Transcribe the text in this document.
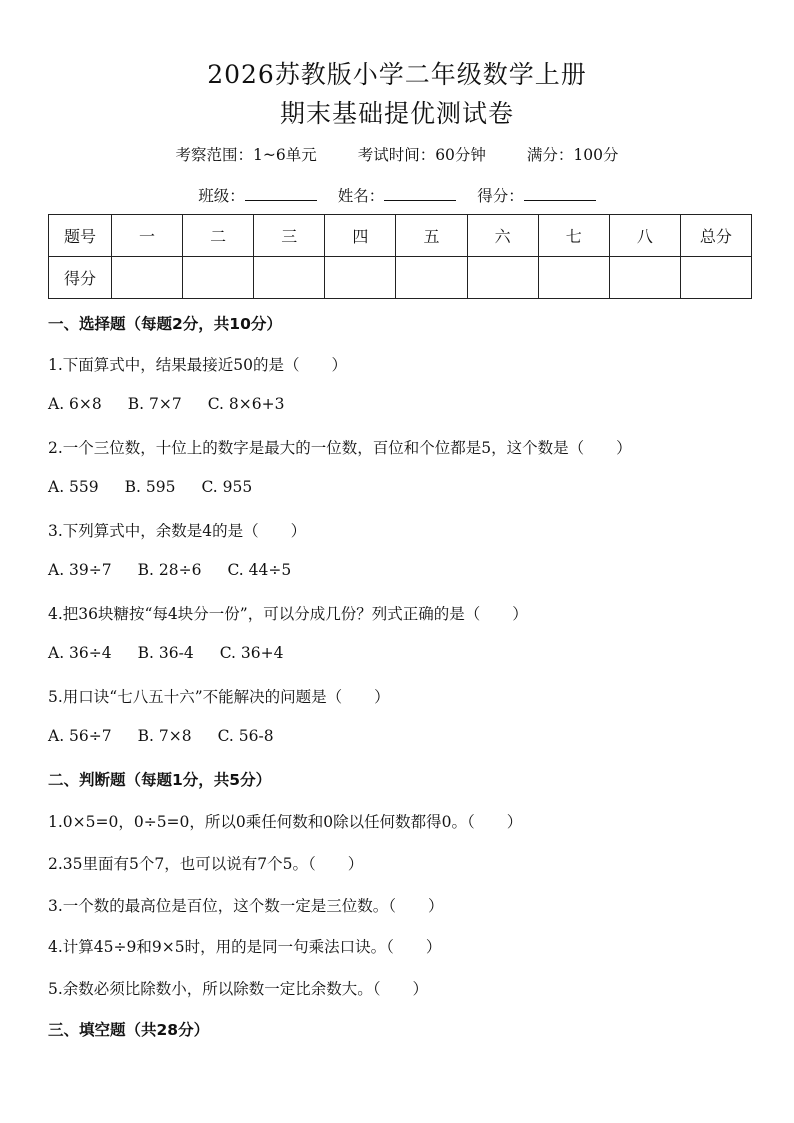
2026苏教版小学二年级数学上册
期末基础提优测试卷
考察范围：1~6单元	考试时间：60分钟	满分：100分
班级：	姓名：	得分：
题号	一	二	三	四	五	六	七	八	总分
得分									
一、选择题（每题2分，共10分）
1.下面算式中，结果最接近50的是（ ）
A. 6×8 B. 7×7 C. 8×6+3
2.一个三位数，十位上的数字是最大的一位数，百位和个位都是5，这个数是（ ）
A. 559 B. 595 C. 955
3.下列算式中，余数是4的是（ ）
A. 39÷7 B. 28÷6 C. 44÷5
4.把36块糖按“每4块分一份”，可以分成几份？列式正确的是（ ）
A. 36÷4 B. 36-4 C. 36+4
5.用口诀“七八五十六”不能解决的问题是（ ）
A. 56÷7 B. 7×8 C. 56-8
二、判断题（每题1分，共5分）
1.0×5=0，0÷5=0，所以0乘任何数和0除以任何数都得0。（ ）
2.35里面有5个7，也可以说有7个5。（ ）
3.一个数的最高位是百位，这个数一定是三位数。（ ）
4.计算45÷9和9×5时，用的是同一句乘法口诀。（ ）
5.余数必须比除数小，所以除数一定比余数大。（ ）
三、填空题（共28分）
